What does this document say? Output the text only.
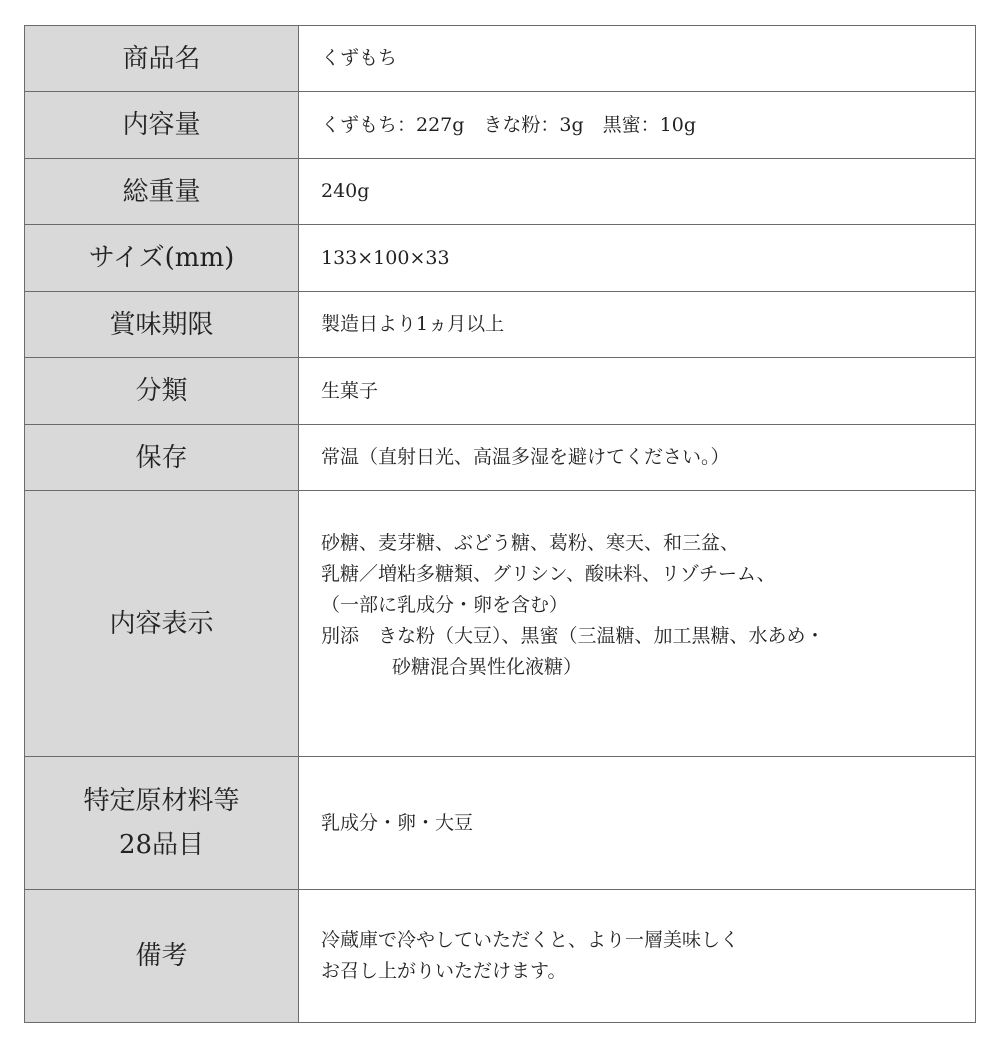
商品名	くずもち

内容量	くずもち：227g　きな粉：3g　黒蜜：10g

総重量	240g

サイズ(mm)	133×100×33

賞味期限	製造日より1ヵ月以上

分類	生菓子

保存	常温（直射日光、高温多湿を避けてください。）

内容表示	砂糖、麦芽糖、ぶどう糖、葛粉、寒天、和三盆、
乳糖／増粘多糖類、グリシン、酸味料、リゾチーム、
（一部に乳成分・卵を含む）
別添　きな粉（大豆）、黒蜜（三温糖、加工黒糖、水あめ・
砂糖混合異性化液糖）

特定原材料等
28品目	乳成分・卵・大豆

備考	冷蔵庫で冷やしていただくと、より一層美味しく
お召し上がりいただけます。
